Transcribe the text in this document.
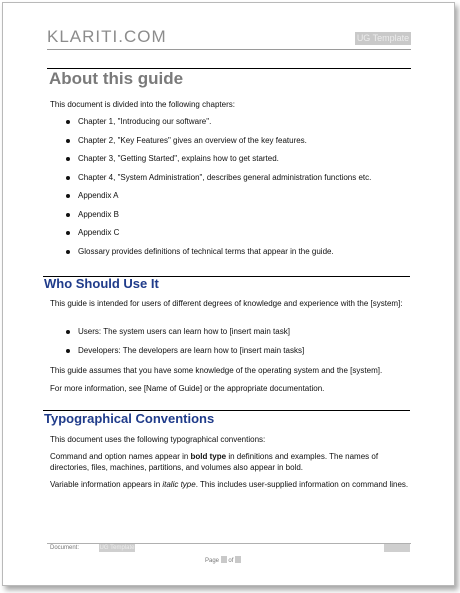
KLARITI.COM	UG Template
About this guide
This document is divided into the following chapters:
Chapter 1, "Introducing our software".
Chapter 2, "Key Features" gives an overview of the key features.
Chapter 3, "Getting Started", explains how to get started.
Chapter 4, "System Administration", describes general administration functions etc.
Appendix A
Appendix B
Appendix C
Glossary provides definitions of technical terms that appear in the guide.
Who Should Use It
This guide is intended for users of different degrees of knowledge and experience with the [system]:
Users: The system users can learn how to [insert main task]
Developers: The developers are learn how to [insert main tasks]
This guide assumes that you have some knowledge of the operating system and the [system].
For more information, see [Name of Guide] or the appropriate documentation.
Typographical Conventions
This document uses the following typographical conventions:
Command and option names appear in bold type in definitions and examples. The names of directories, files, machines, partitions, and volumes also appear in bold.
Variable information appears in italic type. This includes user-supplied information on command lines.
Document:	UG Template
Page of
